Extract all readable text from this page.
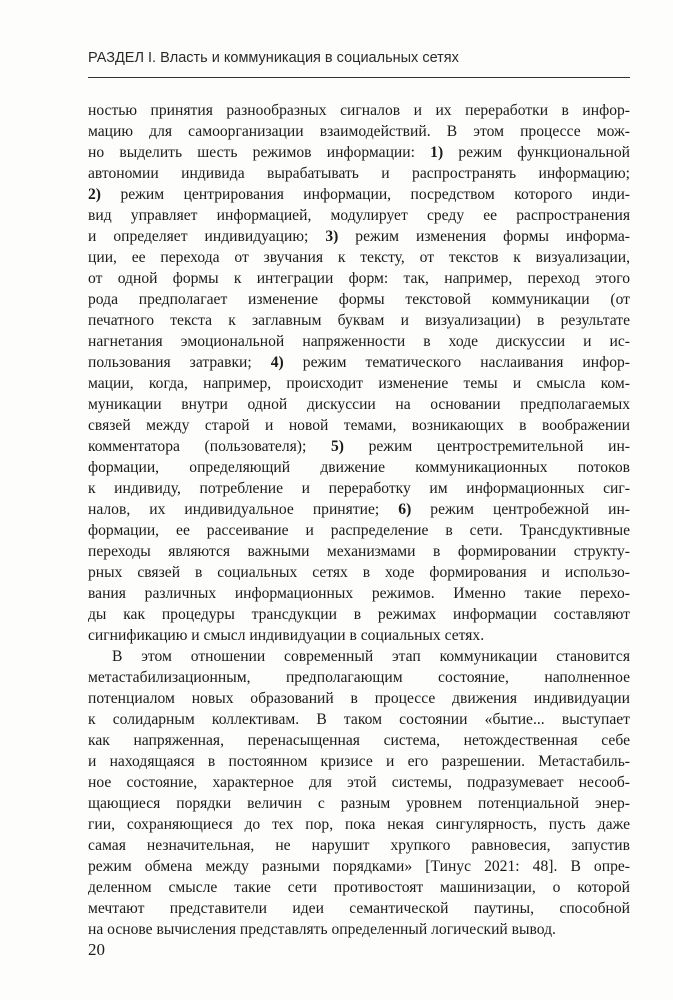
РАЗДЕЛ I. Власть и коммуникация в социальных сетях
ностью принятия разнообразных сигналов и их переработки в инфор-
мацию для самоорганизации взаимодействий. В этом процессе мож-
но выделить шесть режимов информации: 1) режим функциональной
автономии индивида вырабатывать и распространять информацию;
2) режим центрирования информации, посредством которого инди-
вид управляет информацией, модулирует среду ее распространения
и определяет индивидуацию; 3) режим изменения формы информа-
ции, ее перехода от звучания к тексту, от текстов к визуализации,
от одной формы к интеграции форм: так, например, переход этого
рода предполагает изменение формы текстовой коммуникации (от
печатного текста к заглавным буквам и визуализации) в результате
нагнетания эмоциональной напряженности в ходе дискуссии и ис-
пользования затравки; 4) режим тематического наслаивания инфор-
мации, когда, например, происходит изменение темы и смысла ком-
муникации внутри одной дискуссии на основании предполагаемых
связей между старой и новой темами, возникающих в воображении
комментатора (пользователя); 5) режим центростремительной ин-
формации, определяющий движение коммуникационных потоков
к индивиду, потребление и переработку им информационных сиг-
налов, их индивидуальное принятие; 6) режим центробежной ин-
формации, ее рассеивание и распределение в сети. Трансдуктивные
переходы являются важными механизмами в формировании структу-
рных связей в социальных сетях в ходе формирования и использо-
вания различных информационных режимов. Именно такие перехо-
ды как процедуры трансдукции в режимах информации составляют
сигнификацию и смысл индивидуации в социальных сетях.
В этом отношении современный этап коммуникации становится
метастабилизационным, предполагающим состояние, наполненное
потенциалом новых образований в процессе движения индивидуации
к солидарным коллективам. В таком состоянии «бытие... выступает
как напряженная, перенасыщенная система, нетождественная себе
и находящаяся в постоянном кризисе и его разрешении. Метастабиль-
ное состояние, характерное для этой системы, подразумевает несооб-
щающиеся порядки величин с разным уровнем потенциальной энер-
гии, сохраняющиеся до тех пор, пока некая сингулярность, пусть даже
самая незначительная, не нарушит хрупкого равновесия, запустив
режим обмена между разными порядками» [Тинус 2021: 48]. В опре-
деленном смысле такие сети противостоят машинизации, о которой
мечтают представители идеи семантической паутины, способной
на основе вычисления представлять определенный логический вывод.
20
